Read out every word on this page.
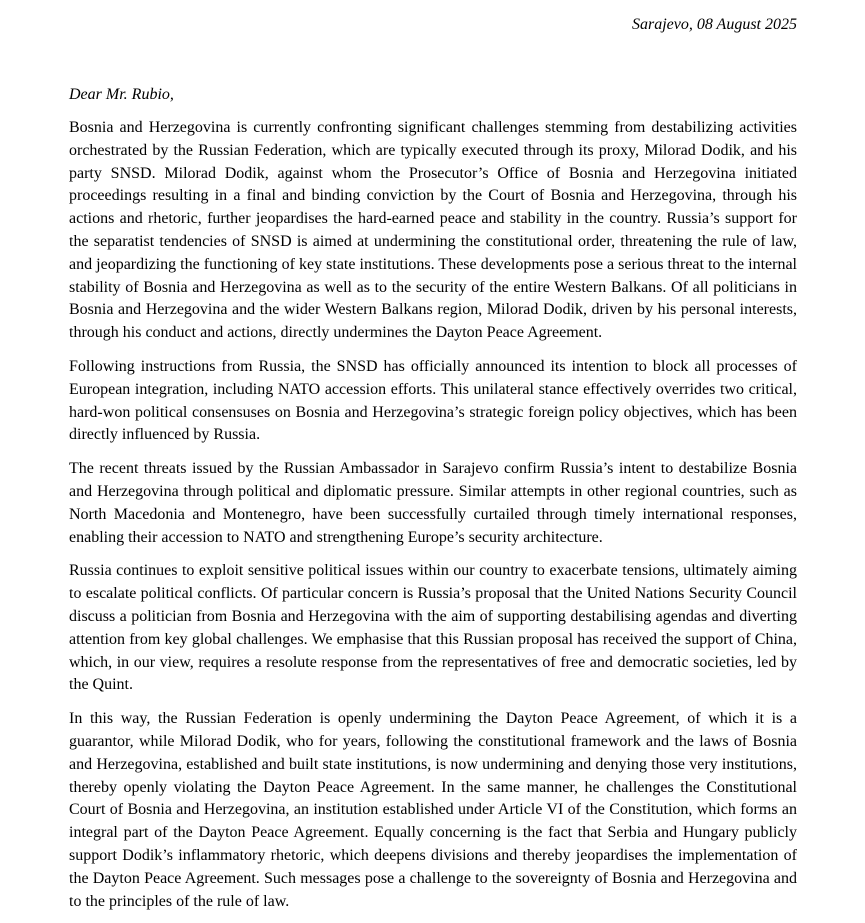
Sarajevo, 08 August 2025

Dear Mr. Rubio,

Bosnia and Herzegovina is currently confronting significant challenges stemming from destabilizing activities orchestrated by the Russian Federation, which are typically executed through its proxy, Milorad Dodik, and his party SNSD. Milorad Dodik, against whom the Prosecutor’s Office of Bosnia and Herzegovina initiated proceedings resulting in a final and binding conviction by the Court of Bosnia and Herzegovina, through his actions and rhetoric, further jeopardises the hard-earned peace and stability in the country. Russia’s support for the separatist tendencies of SNSD is aimed at undermining the constitutional order, threatening the rule of law, and jeopardizing the functioning of key state institutions. These developments pose a serious threat to the internal stability of Bosnia and Herzegovina as well as to the security of the entire Western Balkans. Of all politicians in Bosnia and Herzegovina and the wider Western Balkans region, Milorad Dodik, driven by his personal interests, through his conduct and actions, directly undermines the Dayton Peace Agreement.

Following instructions from Russia, the SNSD has officially announced its intention to block all processes of European integration, including NATO accession efforts. This unilateral stance effectively overrides two critical, hard-won political consensuses on Bosnia and Herzegovina’s strategic foreign policy objectives, which has been directly influenced by Russia.

The recent threats issued by the Russian Ambassador in Sarajevo confirm Russia’s intent to destabilize Bosnia and Herzegovina through political and diplomatic pressure. Similar attempts in other regional countries, such as North Macedonia and Montenegro, have been successfully curtailed through timely international responses, enabling their accession to NATO and strengthening Europe’s security architecture.

Russia continues to exploit sensitive political issues within our country to exacerbate tensions, ultimately aiming to escalate political conflicts. Of particular concern is Russia’s proposal that the United Nations Security Council discuss a politician from Bosnia and Herzegovina with the aim of supporting destabilising agendas and diverting attention from key global challenges. We emphasise that this Russian proposal has received the support of China, which, in our view, requires a resolute response from the representatives of free and democratic societies, led by the Quint.

In this way, the Russian Federation is openly undermining the Dayton Peace Agreement, of which it is a guarantor, while Milorad Dodik, who for years, following the constitutional framework and the laws of Bosnia and Herzegovina, established and built state institutions, is now undermining and denying those very institutions, thereby openly violating the Dayton Peace Agreement. In the same manner, he challenges the Constitutional Court of Bosnia and Herzegovina, an institution established under Article VI of the Constitution, which forms an integral part of the Dayton Peace Agreement. Equally concerning is the fact that Serbia and Hungary publicly support Dodik’s inflammatory rhetoric, which deepens divisions and thereby jeopardises the implementation of the Dayton Peace Agreement. Such messages pose a challenge to the sovereignty of Bosnia and Herzegovina and to the principles of the rule of law.
